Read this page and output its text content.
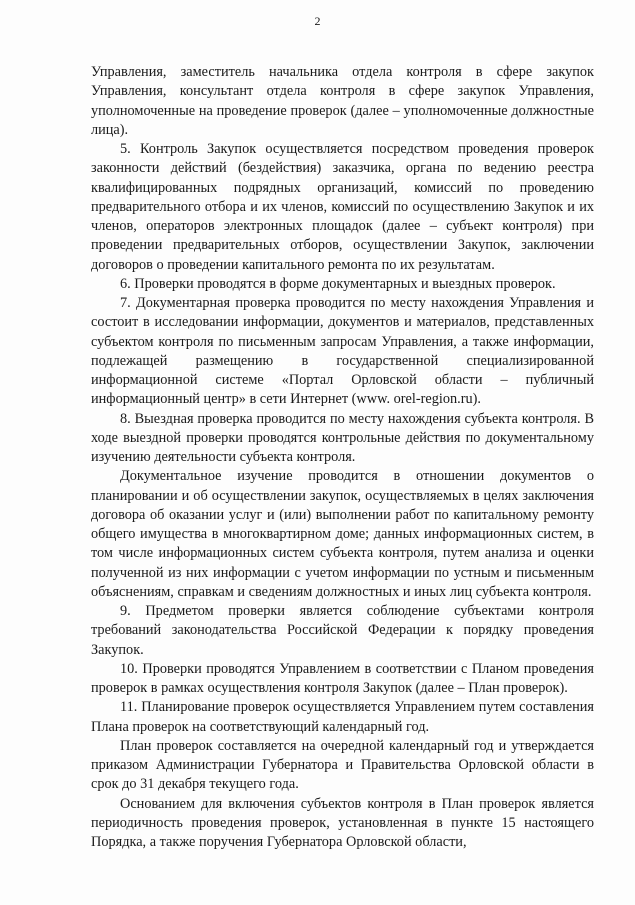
2

Управления, заместитель начальника отдела контроля в сфере закупок Управления, консультант отдела контроля в сфере закупок Управления, уполномоченные на проведение проверок (далее – уполномоченные должностные лица).

5. Контроль Закупок осуществляется посредством проведения проверок законности действий (бездействия) заказчика, органа по ведению реестра квалифицированных подрядных организаций, комиссий по проведению предварительного отбора и их членов, комиссий по осуществлению Закупок и их членов, операторов электронных площадок (далее – субъект контроля) при проведении предварительных отборов, осуществлении Закупок, заключении договоров о проведении капитального ремонта по их результатам.

6. Проверки проводятся в форме документарных и выездных проверок.

7. Документарная проверка проводится по месту нахождения Управления и состоит в исследовании информации, документов и материалов, представленных субъектом контроля по письменным запросам Управления, а также информации, подлежащей размещению в государственной специализированной информационной системе «Портал Орловской области – публичный информационный центр» в сети Интернет (www. orel-region.ru).

8. Выездная проверка проводится по месту нахождения субъекта контроля. В ходе выездной проверки проводятся контрольные действия по документальному изучению деятельности субъекта контроля.

Документальное изучение проводится в отношении документов о планировании и об осуществлении закупок, осуществляемых в целях заключения договора об оказании услуг и (или) выполнении работ по капитальному ремонту общего имущества в многоквартирном доме; данных информационных систем, в том числе информационных систем субъекта контроля, путем анализа и оценки полученной из них информации с учетом информации по устным и письменным объяснениям, справкам и сведениям должностных и иных лиц субъекта контроля.

9. Предметом проверки является соблюдение субъектами контроля требований законодательства Российской Федерации к порядку проведения Закупок.

10. Проверки проводятся Управлением в соответствии с Планом проведения проверок в рамках осуществления контроля Закупок (далее – План проверок).

11. Планирование проверок осуществляется Управлением путем составления Плана проверок на соответствующий календарный год.

План проверок составляется на очередной календарный год и утверждается приказом Администрации Губернатора и Правительства Орловской области в срок до 31 декабря текущего года.

Основанием для включения субъектов контроля в План проверок является периодичность проведения проверок, установленная в пункте 15 настоящего Порядка, а также поручения Губернатора Орловской области,
